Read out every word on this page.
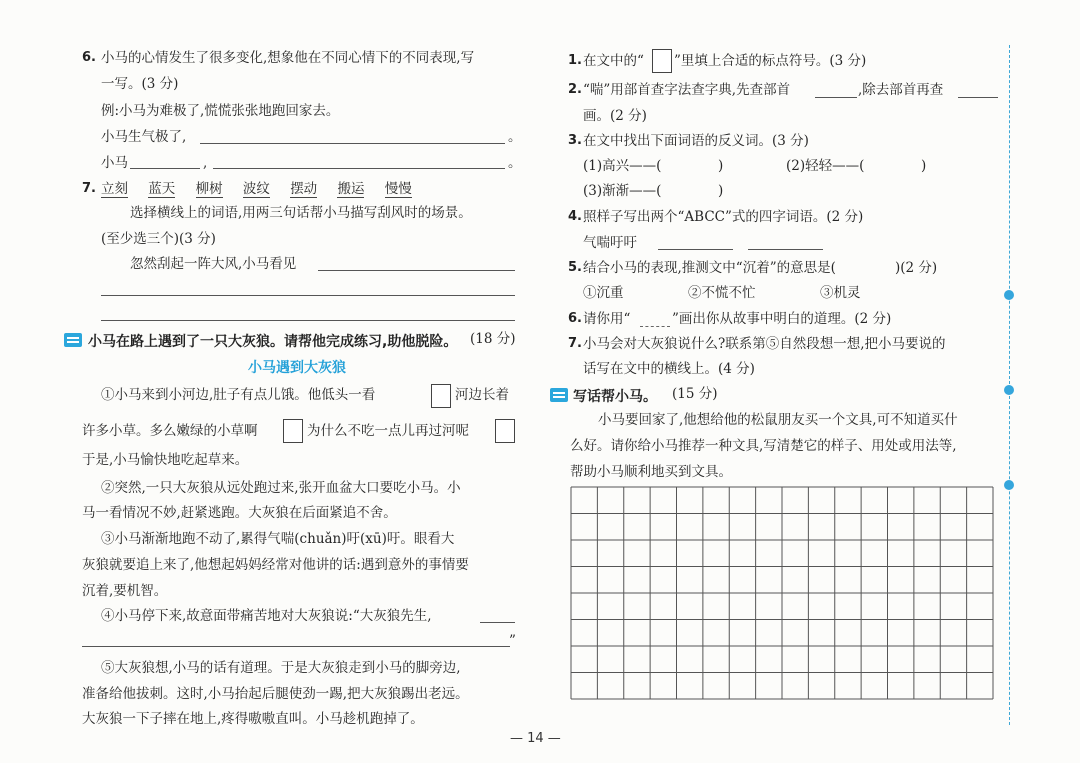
6. 小马的心情发生了很多变化,想象他在不同心情下的不同表现,写
一写。(3 分)
例:小马为难极了,慌慌张张地跑回家去。
小马生气极了,	。
小马	,	。
7. 立刻 蓝天 柳树 波纹 摆动 搬运 慢慢
选择横线上的词语,用两三句话帮小马描写刮风时的场景。
(至少选三个)(3 分)
忽然刮起一阵大风,小马看见
小马在路上遇到了一只大灰狼。请帮他完成练习,助他脱险。 (18 分)
小马遇到大灰狼
①小马来到小河边,肚子有点儿饿。他低头一看	河边长着
许多小草。多么嫩绿的小草啊	为什么不吃一点儿再过河呢
于是,小马愉快地吃起草来。
②突然,一只大灰狼从远处跑过来,张开血盆大口要吃小马。小
马一看情况不妙,赶紧逃跑。大灰狼在后面紧追不舍。
③小马渐渐地跑不动了,累得气喘(chuǎn)吁(xū)吁。眼看大
灰狼就要追上来了,他想起妈妈经常对他讲的话:遇到意外的事情要
沉着,要机智。
④小马停下来,故意面带痛苦地对大灰狼说:“大灰狼先生,
”
⑤大灰狼想,小马的话有道理。于是大灰狼走到小马的脚旁边,
准备给他拔刺。这时,小马抬起后腿使劲一踢,把大灰狼踢出老远。
大灰狼一下子摔在地上,疼得嗷嗷直叫。小马趁机跑掉了。
1. 在文中的“ ”里填上合适的标点符号。(3 分)
2. “喘”用部首查字法查字典,先查部首	,除去部首再查
画。(2 分)
3. 在文中找出下面词语的反义词。(3 分)
(1)高兴——(	)	(2)轻轻——(	)
(3)渐渐——(	)
4. 照样子写出两个“ABCC”式的四字词语。(2 分)
气喘吁吁
5. 结合小马的表现,推测文中“沉着”的意思是(	)(2 分)
①沉重	②不慌不忙	③机灵
6. 请你用“	”画出你从故事中明白的道理。(2 分)
7. 小马会对大灰狼说什么?联系第⑤自然段想一想,把小马要说的
话写在文中的横线上。(4 分)
写话帮小马。 (15 分)
小马要回家了,他想给他的松鼠朋友买一个文具,可不知道买什
么好。请你给小马推荐一种文具,写清楚它的样子、用处或用法等,
帮助小马顺利地买到文具。
— 14 —
